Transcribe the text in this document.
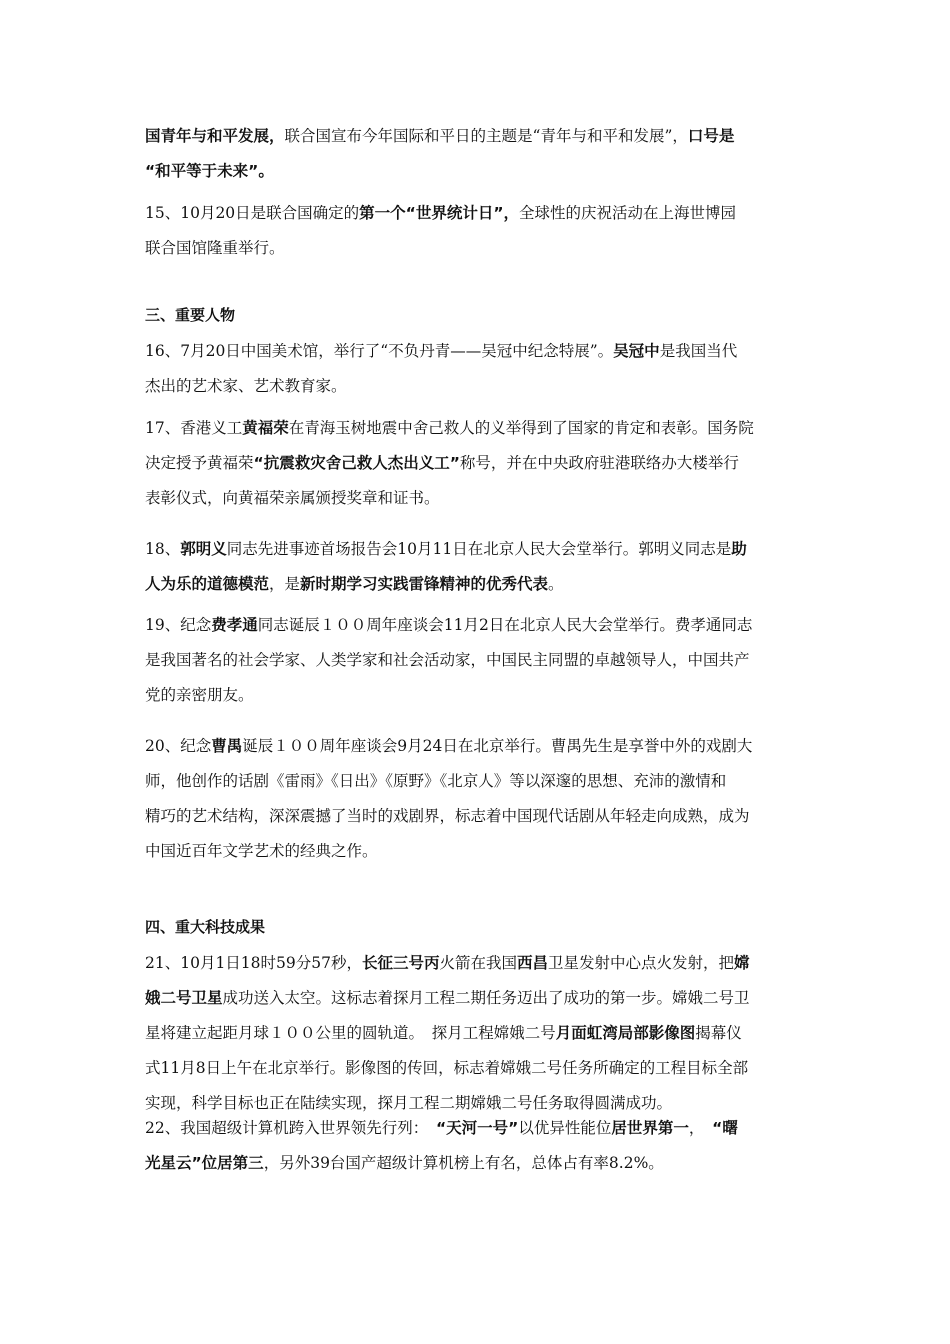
国青年与和平发展，联合国宣布今年国际和平日的主题是“青年与和平和发展”，口号是
“和平等于未来”。
15、10月20日是联合国确定的第一个“世界统计日”，全球性的庆祝活动在上海世博园
联合国馆隆重举行。
三、重要人物
16、7月20日中国美术馆，举行了“不负丹青——吴冠中纪念特展”。吴冠中是我国当代
杰出的艺术家、艺术教育家。
17、香港义工黄福荣在青海玉树地震中舍己救人的义举得到了国家的肯定和表彰。国务院
决定授予黄福荣“抗震救灾舍己救人杰出义工”称号，并在中央政府驻港联络办大楼举行
表彰仪式，向黄福荣亲属颁授奖章和证书。
18、郭明义同志先进事迹首场报告会10月11日在北京人民大会堂举行。郭明义同志是助
人为乐的道德模范，是新时期学习实践雷锋精神的优秀代表。
19、纪念费孝通同志诞辰１００周年座谈会11月2日在北京人民大会堂举行。费孝通同志
是我国著名的社会学家、人类学家和社会活动家，中国民主同盟的卓越领导人，中国共产
党的亲密朋友。
20、纪念曹禺诞辰１００周年座谈会9月24日在北京举行。曹禺先生是享誉中外的戏剧大
师，他创作的话剧《雷雨》《日出》《原野》《北京人》等以深邃的思想、充沛的激情和
精巧的艺术结构，深深震撼了当时的戏剧界，标志着中国现代话剧从年轻走向成熟，成为
中国近百年文学艺术的经典之作。
四、重大科技成果
21、10月1日18时59分57秒，长征三号丙火箭在我国西昌卫星发射中心点火发射，把嫦
娥二号卫星成功送入太空。这标志着探月工程二期任务迈出了成功的第一步。嫦娥二号卫
星将建立起距月球１００公里的圆轨道。　探月工程嫦娥二号月面虹湾局部影像图揭幕仪
式11月8日上午在北京举行。影像图的传回，标志着嫦娥二号任务所确定的工程目标全部
实现，科学目标也正在陆续实现，探月工程二期嫦娥二号任务取得圆满成功。
22、我国超级计算机跨入世界领先行列：　“天河一号”以优异性能位居世界第一，　“曙
光星云”位居第三，另外39台国产超级计算机榜上有名，总体占有率8.2%。
